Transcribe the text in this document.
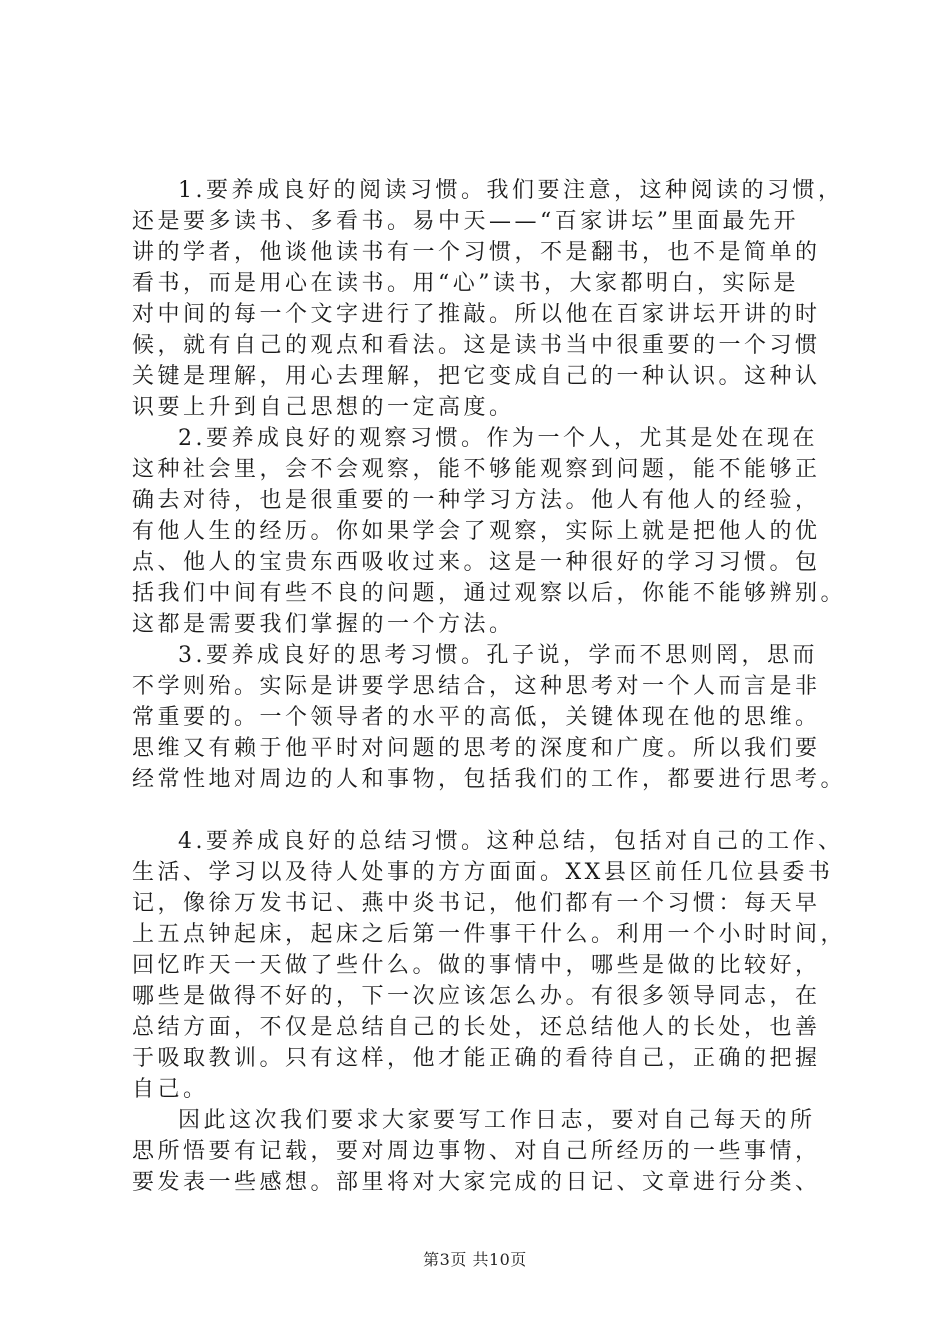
1.要养成良好的阅读习惯。我们要注意，这种阅读的习惯，
还是要多读书、多看书。易中天——“百家讲坛”里面最先开
讲的学者，他谈他读书有一个习惯，不是翻书，也不是简单的
看书，而是用心在读书。用“心”读书，大家都明白，实际是
对中间的每一个文字进行了推敲。所以他在百家讲坛开讲的时
候，就有自己的观点和看法。这是读书当中很重要的一个习惯
关键是理解，用心去理解，把它变成自己的一种认识。这种认
识要上升到自己思想的一定高度。
2.要养成良好的观察习惯。作为一个人，尤其是处在现在
这种社会里，会不会观察，能不够能观察到问题，能不能够正
确去对待，也是很重要的一种学习方法。他人有他人的经验，
有他人生的经历。你如果学会了观察，实际上就是把他人的优
点、他人的宝贵东西吸收过来。这是一种很好的学习习惯。包
括我们中间有些不良的问题，通过观察以后，你能不能够辨别。
这都是需要我们掌握的一个方法。
3.要养成良好的思考习惯。孔子说，学而不思则罔，思而
不学则殆。实际是讲要学思结合，这种思考对一个人而言是非
常重要的。一个领导者的水平的高低，关键体现在他的思维。
思维又有赖于他平时对问题的思考的深度和广度。所以我们要
经常性地对周边的人和事物，包括我们的工作，都要进行思考。
4.要养成良好的总结习惯。这种总结，包括对自己的工作、
生活、学习以及待人处事的方方面面。XX县区前任几位县委书
记，像徐万发书记、燕中炎书记，他们都有一个习惯：每天早
上五点钟起床，起床之后第一件事干什么。利用一个小时时间，
回忆昨天一天做了些什么。做的事情中，哪些是做的比较好，
哪些是做得不好的，下一次应该怎么办。有很多领导同志，在
总结方面，不仅是总结自己的长处，还总结他人的长处，也善
于吸取教训。只有这样，他才能正确的看待自己，正确的把握
自己。
因此这次我们要求大家要写工作日志，要对自己每天的所
思所悟要有记载，要对周边事物、对自己所经历的一些事情，
要发表一些感想。部里将对大家完成的日记、文章进行分类、
第3页 共10页
